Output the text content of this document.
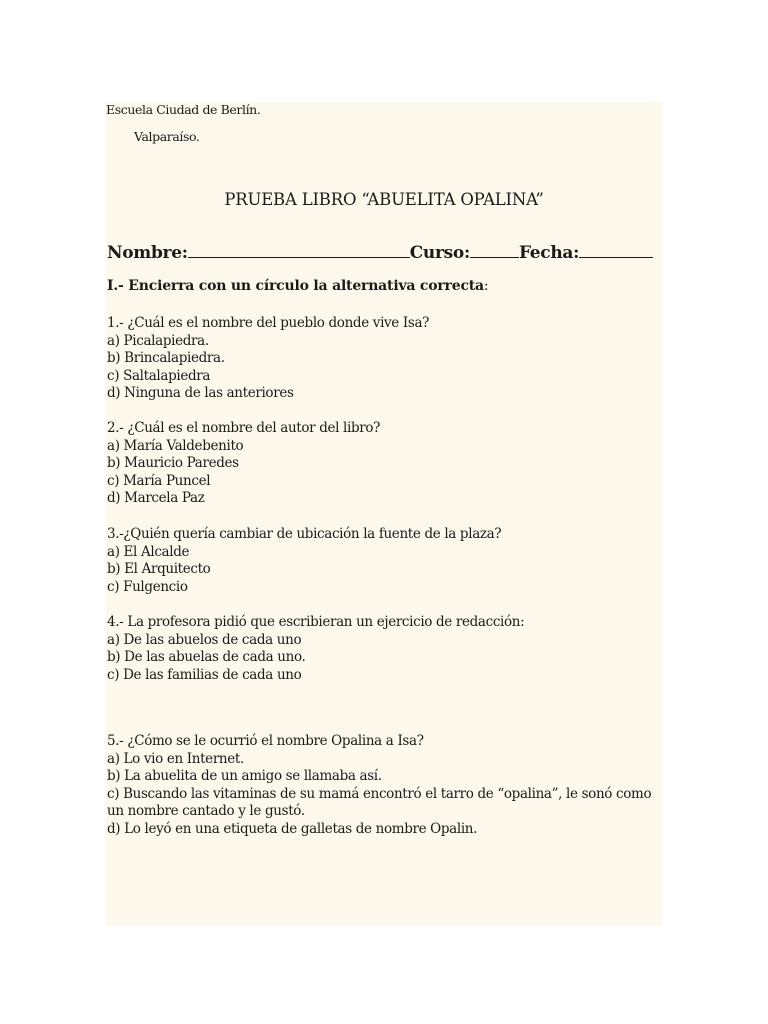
Escuela Ciudad de Berlín.
Valparaíso.
PRUEBA LIBRO “ABUELITA OPALINA”
Nombre:	Curso:	Fecha:
I.- Encierra con un círculo la alternativa correcta:
1.- ¿Cuál es el nombre del pueblo donde vive Isa?
a) Picalapiedra.
b) Brincalapiedra.
c) Saltalapiedra
d) Ninguna de las anteriores
2.- ¿Cuál es el nombre del autor del libro?
a) María Valdebenito
b) Mauricio Paredes
c) María Puncel
d) Marcela Paz
3.-¿Quién quería cambiar de ubicación la fuente de la plaza?
a) El Alcalde
b) El Arquitecto
c) Fulgencio
4.- La profesora pidió que escribieran un ejercicio de redacción:
a) De las abuelos de cada uno
b) De las abuelas de cada uno.
c) De las familias de cada uno
5.- ¿Cómo se le ocurrió el nombre Opalina a Isa?
a) Lo vio en Internet.
b) La abuelita de un amigo se llamaba así.
c) Buscando las vitaminas de su mamá encontró el tarro de “opalina”, le sonó como un nombre cantado y le gustó.
d) Lo leyó en una etiqueta de galletas de nombre Opalin.
